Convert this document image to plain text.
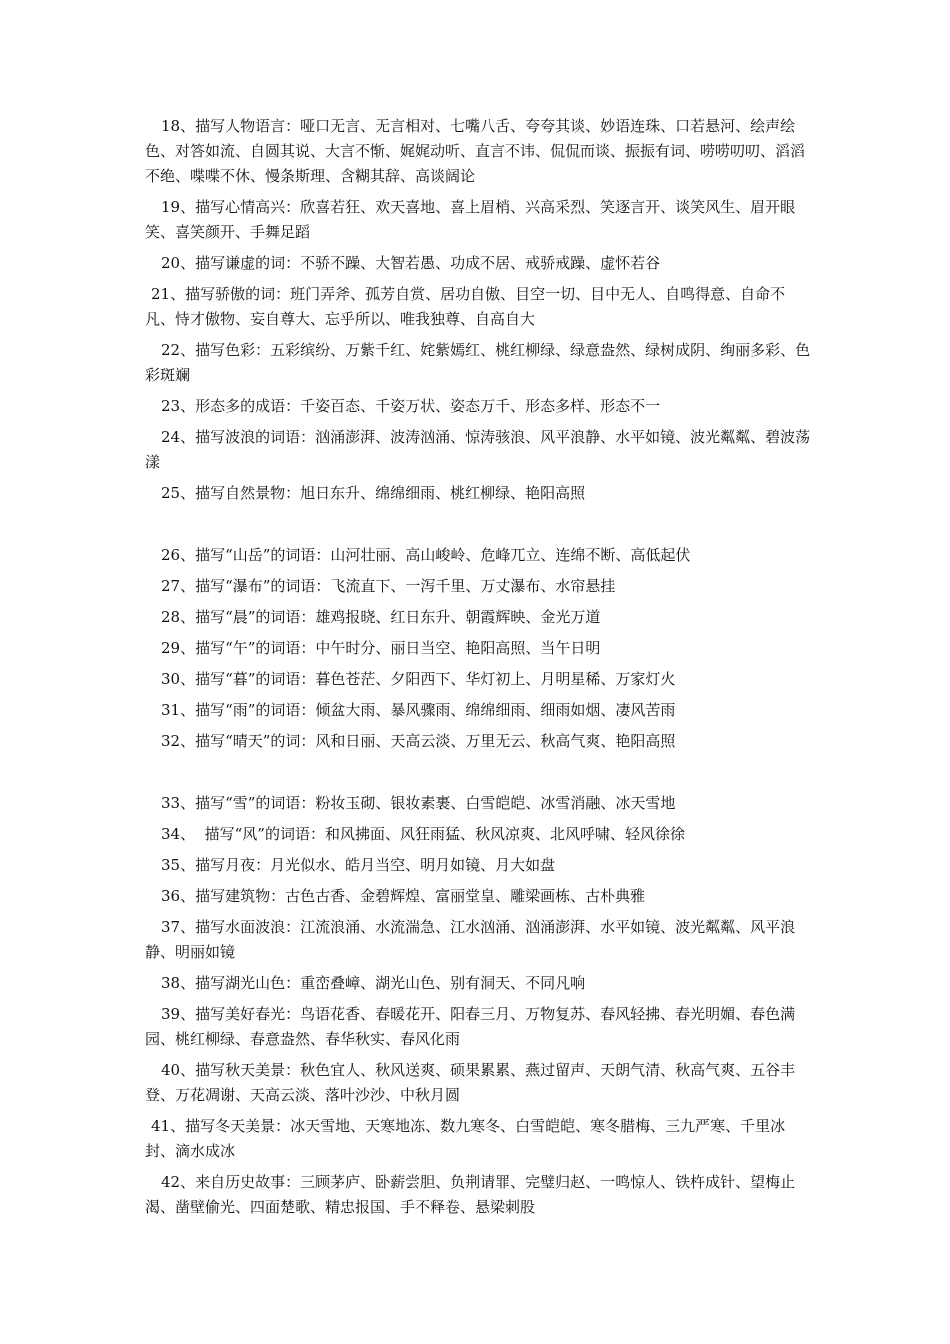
18、描写人物语言：哑口无言、无言相对、七嘴八舌、夸夸其谈、妙语连珠、口若悬河、绘声绘色、对答如流、自圆其说、大言不惭、娓娓动听、直言不讳、侃侃而谈、振振有词、唠唠叨叨、滔滔不绝、喋喋不休、慢条斯理、含糊其辞、高谈阔论

19、描写心情高兴：欣喜若狂、欢天喜地、喜上眉梢、兴高采烈、笑逐言开、谈笑风生、眉开眼笑、喜笑颜开、手舞足蹈

20、描写谦虚的词：不骄不躁、大智若愚、功成不居、戒骄戒躁、虚怀若谷

21、描写骄傲的词：班门弄斧、孤芳自赏、居功自傲、目空一切、目中无人、自鸣得意、自命不凡、恃才傲物、妄自尊大、忘乎所以、唯我独尊、自高自大

22、描写色彩：五彩缤纷、万紫千红、姹紫嫣红、桃红柳绿、绿意盎然、绿树成阴、绚丽多彩、色彩斑斓

23、形态多的成语：千姿百态、千姿万状、姿态万千、形态多样、形态不一

24、描写波浪的词语：汹涌澎湃、波涛汹涌、惊涛骇浪、风平浪静、水平如镜、波光粼粼、碧波荡漾

25、描写自然景物：旭日东升、绵绵细雨、桃红柳绿、艳阳高照

26、描写“山岳”的词语：山河壮丽、高山峻岭、危峰兀立、连绵不断、高低起伏

27、描写“瀑布”的词语：飞流直下、一泻千里、万丈瀑布、水帘悬挂

28、描写“晨”的词语：雄鸡报晓、红日东升、朝霞辉映、金光万道

29、描写“午”的词语：中午时分、丽日当空、艳阳高照、当午日明

30、描写“暮”的词语：暮色苍茫、夕阳西下、华灯初上、月明星稀、万家灯火

31、描写“雨”的词语：倾盆大雨、暴风骤雨、绵绵细雨、细雨如烟、凄风苦雨

32、描写“晴天”的词：风和日丽、天高云淡、万里无云、秋高气爽、艳阳高照

33、描写“雪”的词语：粉妆玉砌、银妆素裹、白雪皑皑、冰雪消融、冰天雪地

34、  描写“风”的词语：和风拂面、风狂雨猛、秋风凉爽、北风呼啸、轻风徐徐

35、描写月夜：月光似水、皓月当空、明月如镜、月大如盘

36、描写建筑物：古色古香、金碧辉煌、富丽堂皇、雕梁画栋、古朴典雅

37、描写水面波浪：江流浪涌、水流湍急、江水汹涌、汹涌澎湃、水平如镜、波光粼粼、风平浪静、明丽如镜

38、描写湖光山色：重峦叠嶂、湖光山色、别有洞天、不同凡响

39、描写美好春光：鸟语花香、春暖花开、阳春三月、万物复苏、春风轻拂、春光明媚、春色满园、桃红柳绿、春意盎然、春华秋实、春风化雨

40、描写秋天美景：秋色宜人、秋风送爽、硕果累累、燕过留声、天朗气清、秋高气爽、五谷丰登、万花凋谢、天高云淡、落叶沙沙、中秋月圆

41、描写冬天美景：冰天雪地、天寒地冻、数九寒冬、白雪皑皑、寒冬腊梅、三九严寒、千里冰封、滴水成冰

42、来自历史故事：三顾茅庐、卧薪尝胆、负荆请罪、完璧归赵、一鸣惊人、铁杵成针、望梅止渴、凿壁偷光、四面楚歌、精忠报国、手不释卷、悬梁刺股
